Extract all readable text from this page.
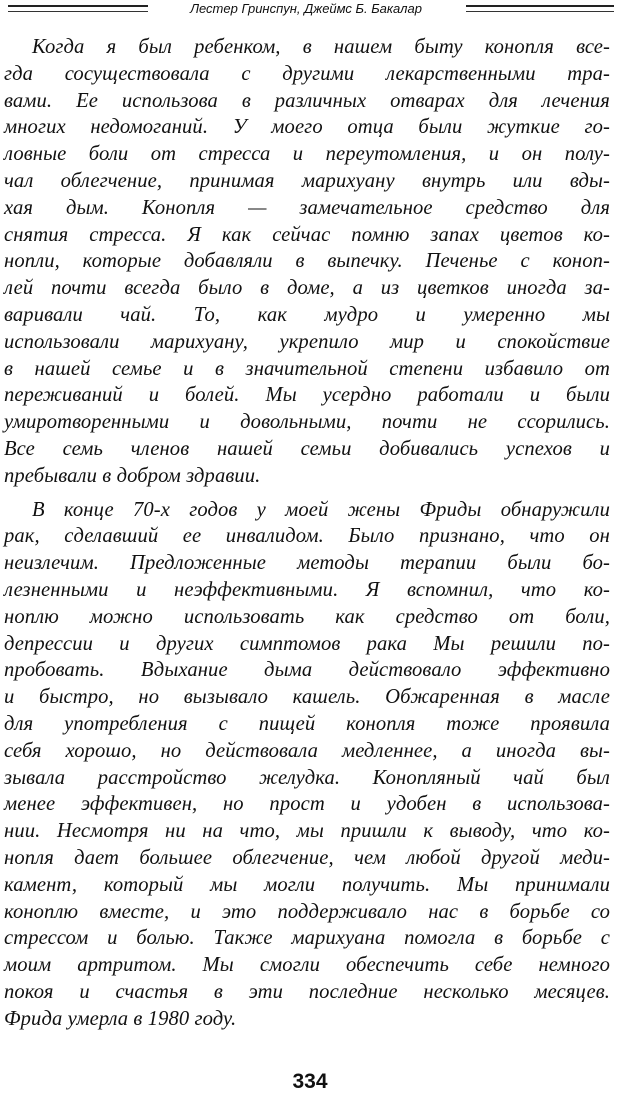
Лестер Гринспун, Джеймс Б. Бакалар
Когда я был ребенком, в нашем быту конопля все-
гда сосуществовала с другими лекарственными тра-
вами. Ее использова в различных отварах для лечения
многих недомоганий. У моего отца были жуткие го-
ловные боли от стресса и переутомления, и он полу-
чал облегчение, принимая марихуану внутрь или вды-
хая дым. Конопля — замечательное средство для
снятия стресса. Я как сейчас помню запах цветов ко-
нопли, которые добавляли в выпечку. Печенье с коноп-
лей почти всегда было в доме, а из цветков иногда за-
варивали чай. То, как мудро и умеренно мы
использовали марихуану, укрепило мир и спокойствие
в нашей семье и в значительной степени избавило от
переживаний и болей. Мы усердно работали и были
умиротворенными и довольными, почти не ссорились.
Все семь членов нашей семьи добивались успехов и
пребывали в добром здравии.
В конце 70-х годов у моей жены Фриды обнаружили
рак, сделавший ее инвалидом. Было признано, что он
неизлечим. Предложенные методы терапии были бо-
лезненными и неэффективными. Я вспомнил, что ко-
ноплю можно использовать как средство от боли,
депрессии и других симптомов рака Мы решили по-
пробовать. Вдыхание дыма действовало эффективно
и быстро, но вызывало кашель. Обжаренная в масле
для употребления с пищей конопля тоже проявила
себя хорошо, но действовала медленнее, а иногда вы-
зывала расстройство желудка. Конопляный чай был
менее эффективен, но прост и удобен в использова-
нии. Несмотря ни на что, мы пришли к выводу, что ко-
нопля дает большее облегчение, чем любой другой меди-
камент, который мы могли получить. Мы принимали
коноплю вместе, и это поддерживало нас в борьбе со
стрессом и болью. Также марихуана помогла в борьбе с
моим артритом. Мы смогли обеспечить себе немного
покоя и счастья в эти последние несколько месяцев.
Фрида умерла в 1980 году.
334
